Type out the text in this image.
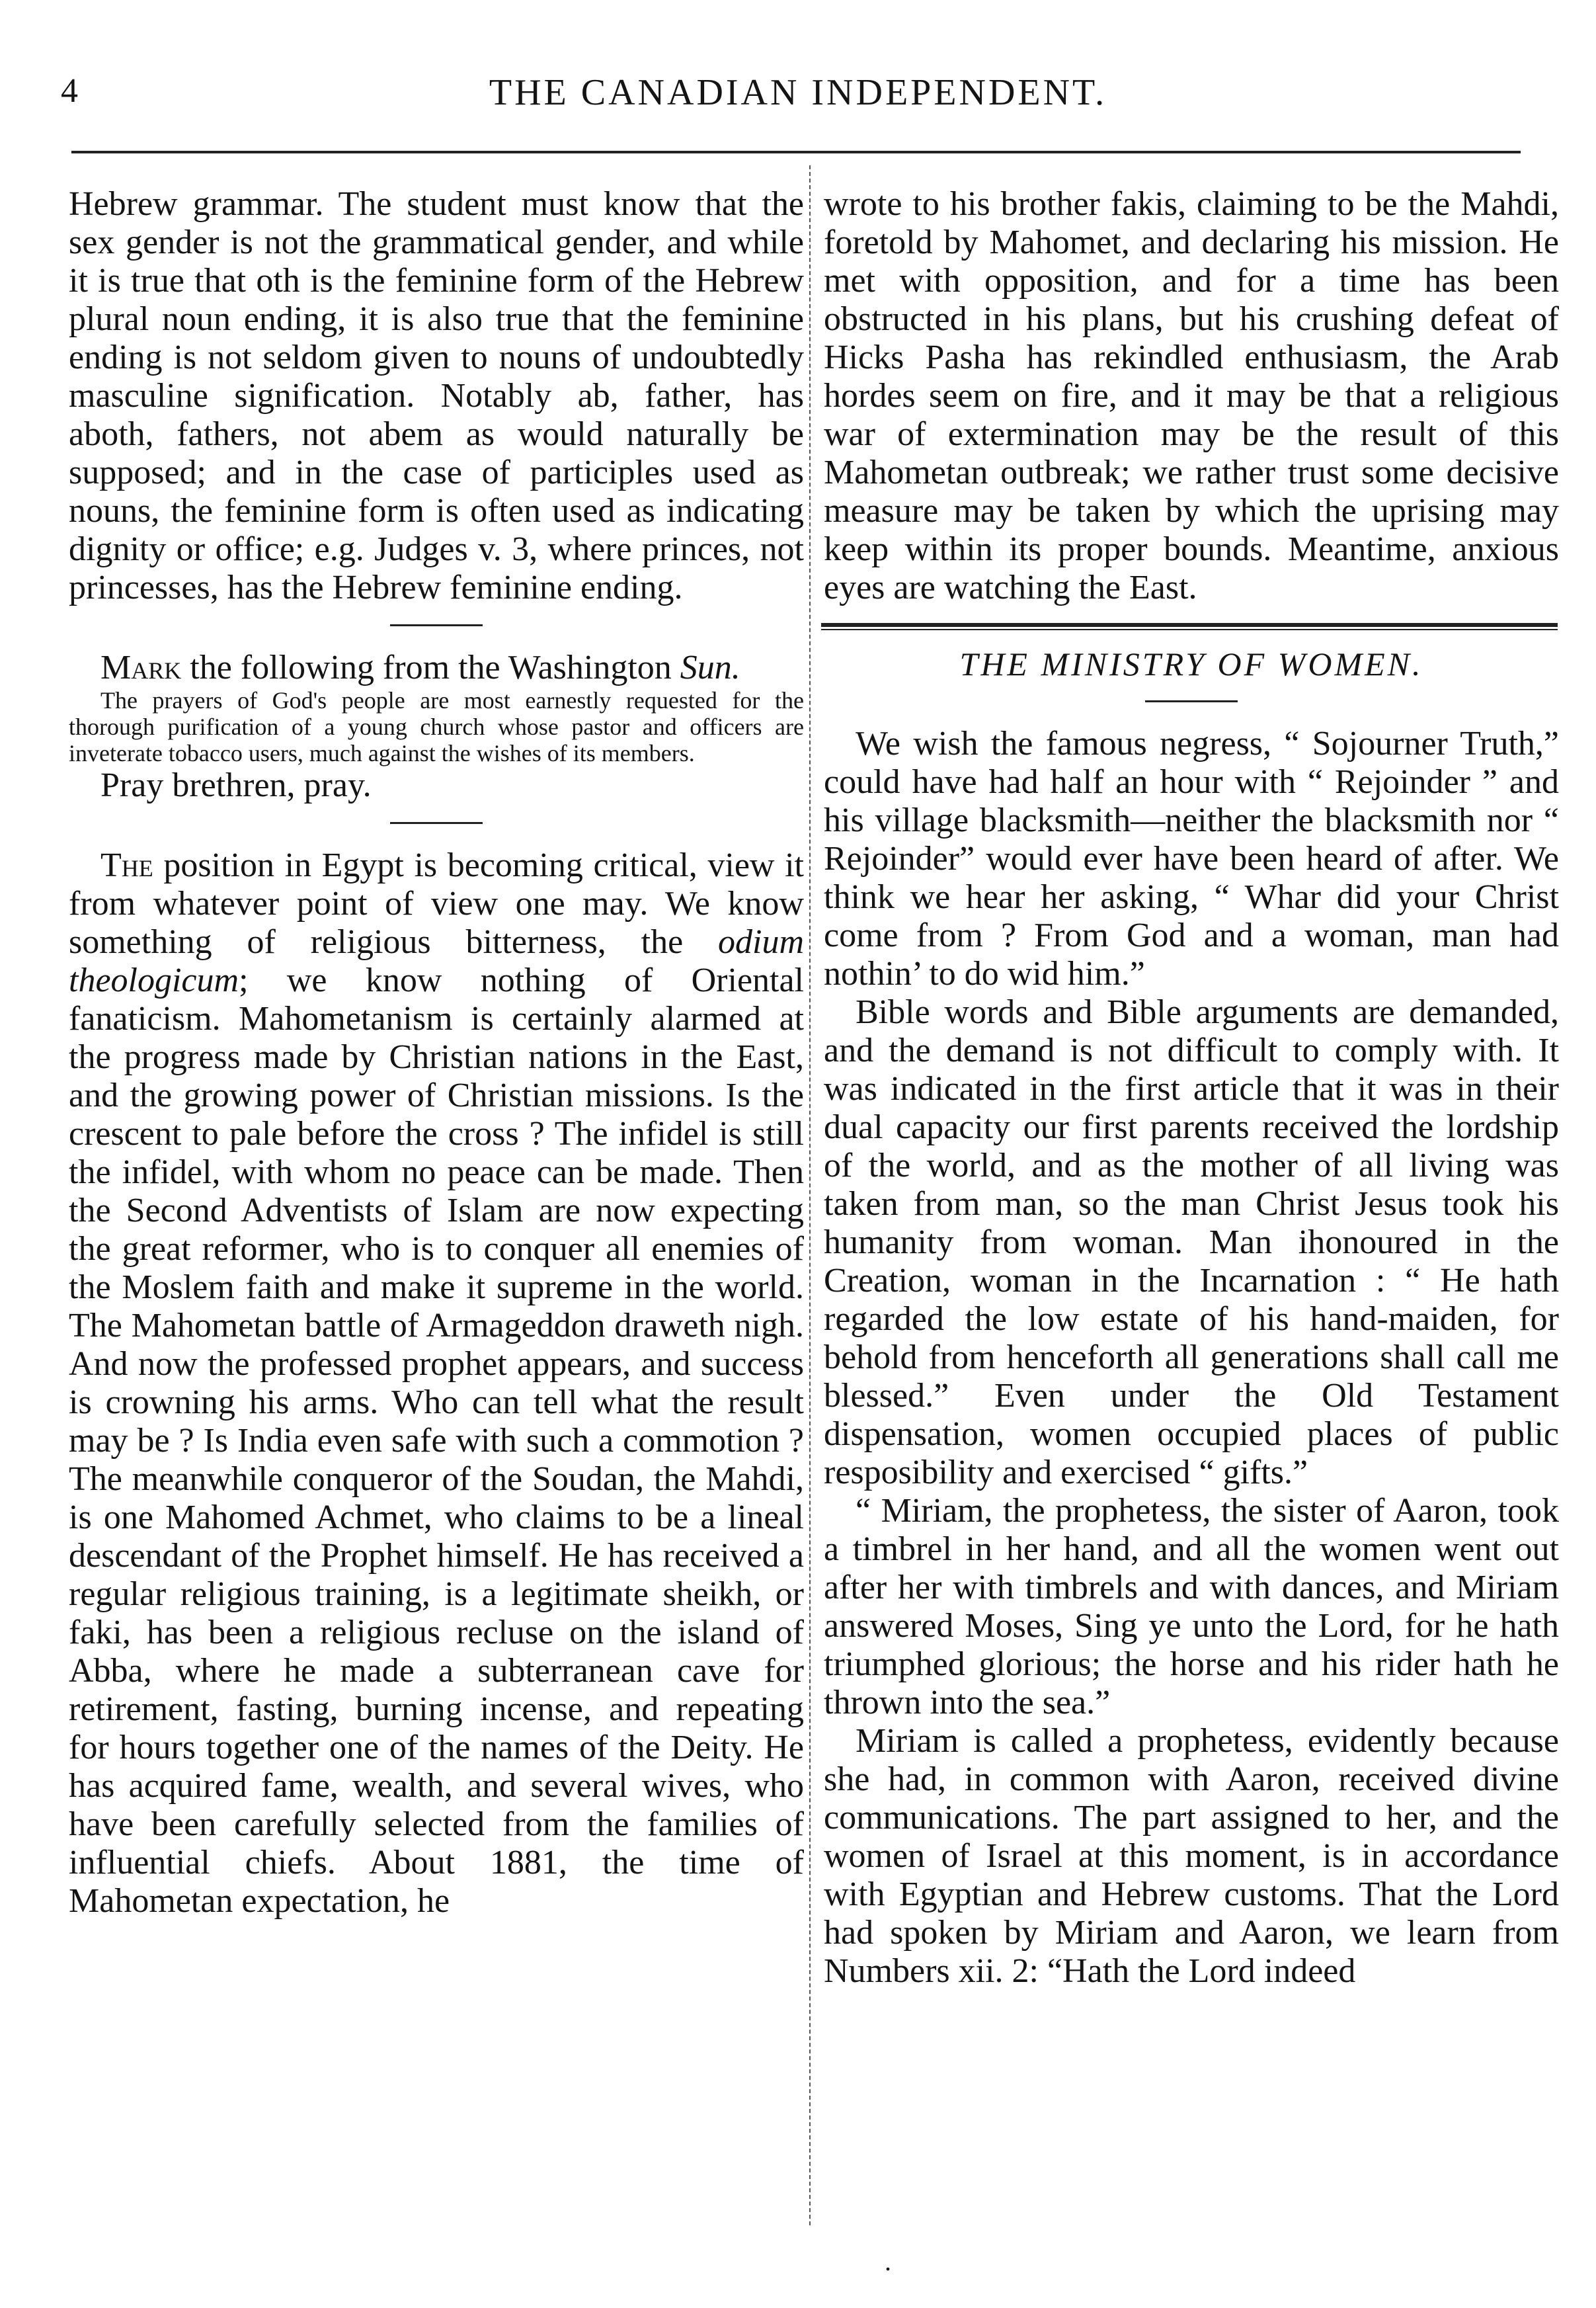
4	THE CANADIAN INDEPENDENT.

Hebrew grammar. The student must know that the sex gender is not the grammatical gender, and while it is true that oth is the feminine form of the Hebrew plural noun ending, it is also true that the feminine ending is not seldom given to nouns of undoubtedly masculine signification. Notably ab, father, has aboth, fathers, not abem as would naturally be supposed; and in the case of participles used as nouns, the feminine form is often used as indicating dignity or office; e.g. Judges v. 3, where princes, not princesses, has the Hebrew feminine ending.

Mark the following from the Washington Sun.

The prayers of God's people are most earnestly requested for the thorough purification of a young church whose pastor and officers are inveterate tobacco users, much against the wishes of its members.

Pray brethren, pray.

The position in Egypt is becoming critical, view it from whatever point of view one may. We know something of religious bitterness, the odium theologicum; we know nothing of Oriental fanaticism. Mahometanism is certainly alarmed at the progress made by Christian nations in the East, and the growing power of Christian missions. Is the crescent to pale before the cross ? The infidel is still the infidel, with whom no peace can be made. Then the Second Adventists of Islam are now expecting the great reformer, who is to conquer all enemies of the Moslem faith and make it supreme in the world. The Mahometan battle of Armageddon draweth nigh. And now the professed prophet appears, and success is crowning his arms. Who can tell what the result may be ? Is India even safe with such a commotion ? The meanwhile conqueror of the Soudan, the Mahdi, is one Mahomed Achmet, who claims to be a lineal descendant of the Prophet himself. He has received a regular religious training, is a legitimate sheikh, or faki, has been a religious recluse on the island of Abba, where he made a subterranean cave for retirement, fasting, burning incense, and repeating for hours together one of the names of the Deity. He has acquired fame, wealth, and several wives, who have been carefully selected from the families of influential chiefs. About 1881, the time of Mahometan expectation, he

wrote to his brother fakis, claiming to be the Mahdi, foretold by Mahomet, and declaring his mission. He met with opposition, and for a time has been obstructed in his plans, but his crushing defeat of Hicks Pasha has rekindled enthusiasm, the Arab hordes seem on fire, and it may be that a religious war of extermination may be the result of this Mahometan outbreak; we rather trust some decisive measure may be taken by which the uprising may keep within its proper bounds. Meantime, anxious eyes are watching the East.

THE MINISTRY OF WOMEN.

We wish the famous negress, “ Sojourner Truth,” could have had half an hour with “ Rejoinder ” and his village blacksmith—neither the blacksmith nor “ Rejoinder” would ever have been heard of after. We think we hear her asking, “ Whar did your Christ come from ? From God and a woman, man had nothin’ to do wid him.”

Bible words and Bible arguments are demanded, and the demand is not difficult to comply with. It was indicated in the first article that it was in their dual capacity our first parents received the lordship of the world, and as the mother of all living was taken from man, so the man Christ Jesus took his humanity from woman. Man ihonoured in the Creation, woman in the Incarnation : “ He hath regarded the low estate of his hand-maiden, for behold from henceforth all generations shall call me blessed.” Even under the Old Testament dispensation, women occupied places of public resposibility and exercised “ gifts.”

“ Miriam, the prophetess, the sister of Aaron, took a timbrel in her hand, and all the women went out after her with timbrels and with dances, and Miriam answered Moses, Sing ye unto the Lord, for he hath triumphed glorious; the horse and his rider hath he thrown into the sea.”

Miriam is called a prophetess, evidently because she had, in common with Aaron, received divine communications. The part assigned to her, and the women of Israel at this moment, is in accordance with Egyptian and Hebrew customs. That the Lord had spoken by Miriam and Aaron, we learn from Numbers xii. 2: “Hath the Lord indeed

.
